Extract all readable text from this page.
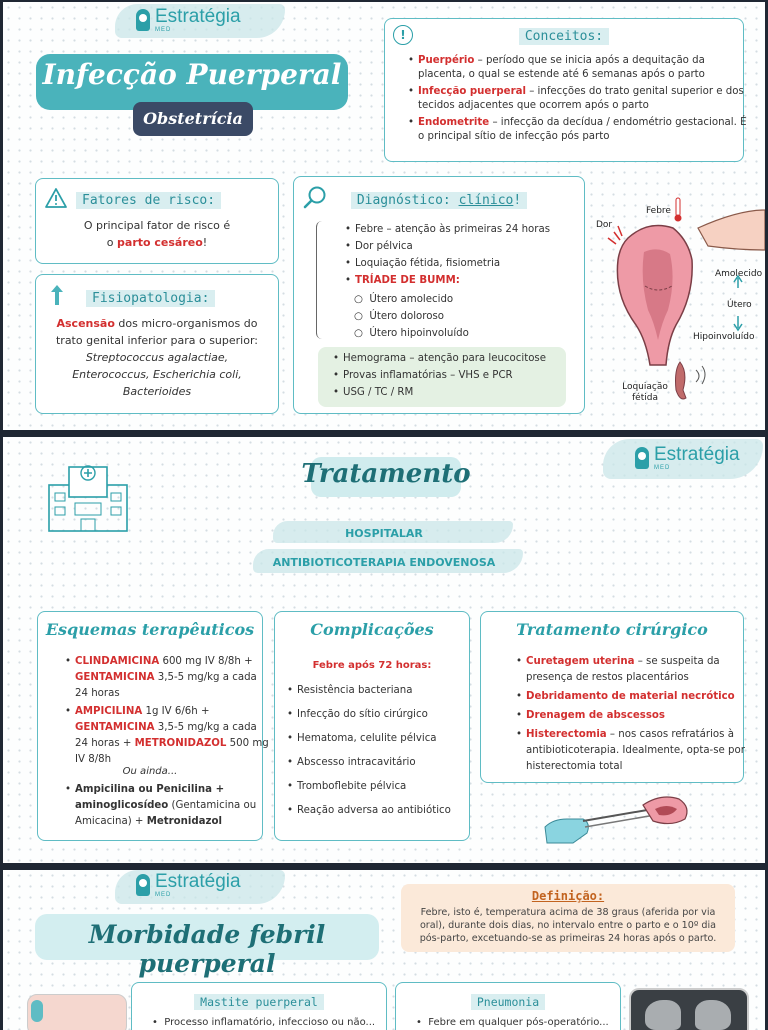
Estratégia
MED
Infecção Puerperal
Obstetrícia
!	Conceitos:
• Puerpério – período que se inicia após a dequitação da placenta, o qual se estende até 6 semanas após o parto
• Infecção puerperal – infecções do trato genital superior e dos tecidos adjacentes que ocorrem após o parto
• Endometrite – infecção da decídua / endométrio gestacional. É o principal sítio de infecção pós parto
Fatores de risco:
O principal fator de risco é
o parto cesáreo!
Fisiopatologia:
Ascensão dos micro-organismos do trato genital inferior para o superior:
Streptococcus agalactiae, Enterococcus, Escherichia coli, Bacterioides
Diagnóstico: clínico!
• Febre – atenção às primeiras 24 horas
• Dor pélvica
• Loquiação fétida, fisiometria
• TRÍADE DE BUMM:
○  Útero amolecido
○  Útero doloroso
○  Útero hipoinvoluído
• Hemograma – atenção para leucocitose
• Provas inflamatórias – VHS e PCR
• USG / TC / RM
Febre
Dor
Amolecido
Útero
Hipoinvoluído
Loquiação fétida
Estratégia
MED
Tratamento
HOSPITALAR
ANTIBIOTICOTERAPIA ENDOVENOSA
Esquemas terapêuticos
• CLINDAMICINA 600 mg IV 8/8h + GENTAMICINA 3,5-5 mg/kg a cada 24 horas
• AMPICILINA 1g IV 6/6h + GENTAMICINA 3,5-5 mg/kg a cada 24 horas + METRONIDAZOL 500 mg IV 8/8h
Ou ainda...
• Ampicilina ou Penicilina + aminoglicosídeo (Gentamicina ou Amicacina) + Metronidazol
Complicações
Febre após 72 horas:
• Resistência bacteriana
• Infecção do sítio cirúrgico
• Hematoma, celulite pélvica
• Abscesso intracavitário
• Tromboflebite pélvica
• Reação adversa ao antibiótico
Tratamento cirúrgico
• Curetagem uterina – se suspeita da presença de restos placentários
• Debridamento de material necrótico
• Drenagem de abscessos
• Histerectomia – nos casos refratários à antibioticoterapia. Idealmente, opta-se por histerectomia total
Estratégia
MED
Morbidade febril puerperal
Definição:
Febre, isto é, temperatura acima de 38 graus (aferida por via oral), durante dois dias, no intervalo entre o parto e o 10º dia pós-parto, excetuando-se as primeiras 24 horas após o parto.
Mastite puerperal
•  Processo inflamatório, infeccioso ou não...
Pneumonia
•  Febre em qualquer pós-operatório...
